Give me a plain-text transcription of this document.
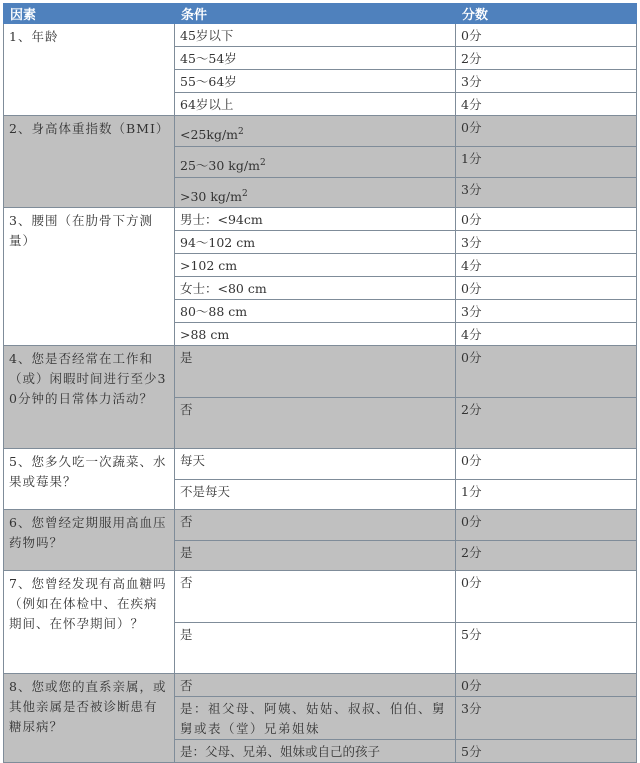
因素	条件	分数
1、年龄	45岁以下	0分
	45～54岁	2分
	55～64岁	3分
	64岁以上	4分
2、身高体重指数（BMI）	$<25kg/m^2$	0分
	25～30 $kg/m^2$	1分
	>30 $kg/m^2$	3分
3、腰围（在肋骨下方测量）	男士：<94cm	0分
	94～102 cm	3分
	>102 cm	4分
	女士：<80 cm	0分
	80～88 cm	3分
	>88 cm	4分
4、您是否经常在工作和（或）闲暇时间进行至少30分钟的日常体力活动？	是	0分
	否	2分
5、您多久吃一次蔬菜、水果或莓果？	每天	0分
	不是每天	1分
6、您曾经定期服用高血压药物吗？	否	0分
	是	2分
7、您曾经发现有高血糖吗（例如在体检中、在疾病期间、在怀孕期间）？	否	0分
	是	5分
8、您或您的直系亲属，或其他亲属是否被诊断患有糖尿病？	否	0分
	是：祖父母、阿姨、姑姑、叔叔、伯伯、舅舅或表（堂）兄弟姐妹	3分
	是：父母、兄弟、姐妹或自己的孩子	5分
